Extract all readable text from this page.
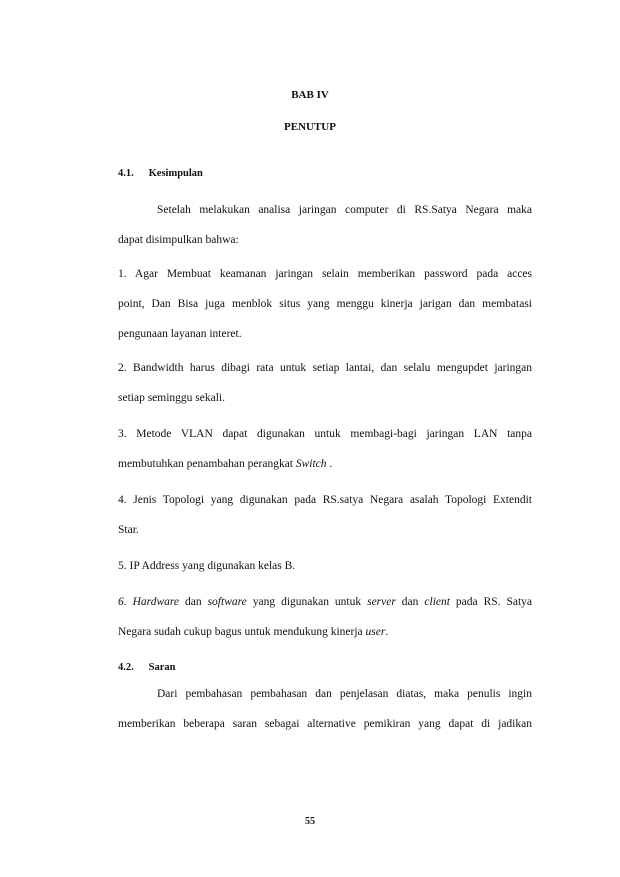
BAB IV
PENUTUP
4.1. Kesimpulan
Setelah melakukan analisa jaringan computer di RS.Satya Negara maka
dapat disimpulkan bahwa:
1. Agar Membuat keamanan jaringan selain memberikan password pada acces
point, Dan Bisa juga menblok situs yang menggu kinerja jarigan dan membatasi
pengunaan layanan interet.
2. Bandwidth harus dibagi rata untuk setiap lantai, dan selalu mengupdet jaringan
setiap seminggu sekali.
3. Metode VLAN dapat digunakan untuk membagi-bagi jaringan LAN tanpa
membutuhkan penambahan perangkat Switch .
4. Jenis Topologi yang digunakan pada RS.satya Negara asalah Topologi Extendit
Star.
5. IP Address yang digunakan kelas B.
6. Hardware dan software yang digunakan untuk server dan client pada RS. Satya
Negara sudah cukup bagus untuk mendukung kinerja user.
4.2. Saran
Dari pembahasan pembahasan dan penjelasan diatas, maka penulis ingin
memberikan beberapa saran sebagai alternative pemikiran yang dapat di jadikan
55
